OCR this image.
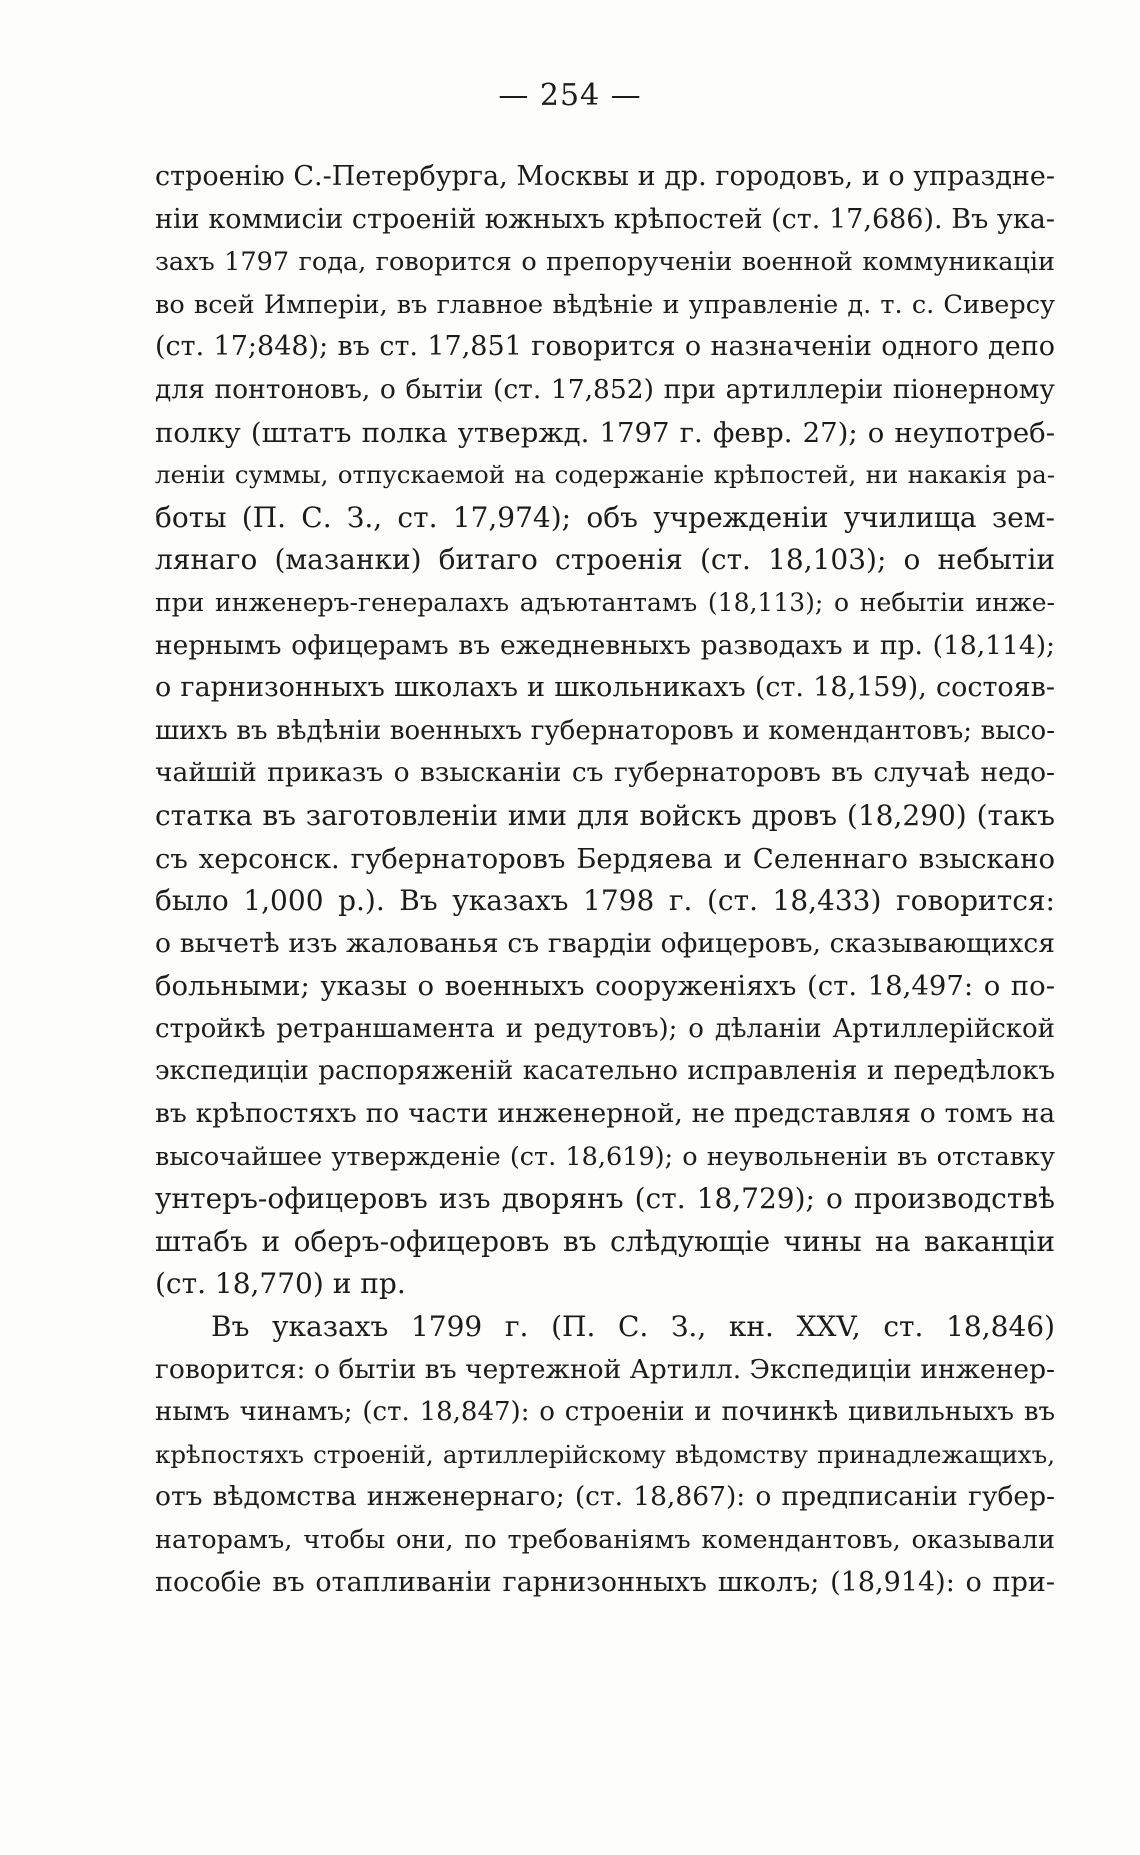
— 254 —
строенію С.-Петербурга, Москвы и др. городовъ, и о упраздне-
ніи коммисіи строеній южныхъ крѣпостей (ст. 17,686). Въ ука-
захъ 1797 года, говорится о препорученіи военной коммуникаціи
во всей Имперіи, въ главное вѣдѣніе и управленіе д. т. с. Сиверсу
(ст. 17;848); въ ст. 17,851 говорится о назначеніи одного депо
для понтоновъ, о бытіи (ст. 17,852) при артиллеріи піонерному
полку (штатъ полка утвержд. 1797 г. февр. 27); о неупотреб-
леніи суммы, отпускаемой на содержаніе крѣпостей, ни накакія ра-
боты (П. С. З., ст. 17,974); объ учрежденіи училища зем-
лянаго (мазанки) битаго строенія (ст. 18,103); о небытіи
при инженеръ-генералахъ адъютантамъ (18,113); о небытіи инже-
нернымъ офицерамъ въ ежедневныхъ разводахъ и пр. (18,114);
о гарнизонныхъ школахъ и школьникахъ (ст. 18,159), состояв-
шихъ въ вѣдѣніи военныхъ губернаторовъ и комендантовъ; высо-
чайшій приказъ о взысканіи съ губернаторовъ въ случаѣ недо-
статка въ заготовленіи ими для войскъ дровъ (18,290) (такъ
съ херсонск. губернаторовъ Бердяева и Селеннаго взыскано
было 1,000 р.). Въ указахъ 1798 г. (ст. 18,433) говорится:
о вычетѣ изъ жалованья съ гвардіи офицеровъ, сказывающихся
больными; указы о военныхъ сооруженіяхъ (ст. 18,497: о по-
стройкѣ ретраншамента и редутовъ); о дѣланіи Артиллерійской
экспедиціи распоряженій касательно исправленія и передѣлокъ
въ крѣпостяхъ по части инженерной, не представляя о томъ на
высочайшее утвержденіе (ст. 18,619); о неувольненіи въ отставку
унтеръ-офицеровъ изъ дворянъ (ст. 18,729); о производствѣ
штабъ и оберъ-офицеровъ въ слѣдующіе чины на ваканціи
(ст. 18,770) и пр.
Въ указахъ 1799 г. (П. С. З., кн. XXV, ст. 18,846)
говорится: о бытіи въ чертежной Артилл. Экспедиціи инженер-
нымъ чинамъ; (ст. 18,847): о строеніи и починкѣ цивильныхъ въ
крѣпостяхъ строеній, артиллерійскому вѣдомству принадлежащихъ,
отъ вѣдомства инженернаго; (ст. 18,867): о предписаніи губер-
наторамъ, чтобы они, по требованіямъ комендантовъ, оказывали
пособіе въ отапливаніи гарнизонныхъ школъ; (18,914): о при-
